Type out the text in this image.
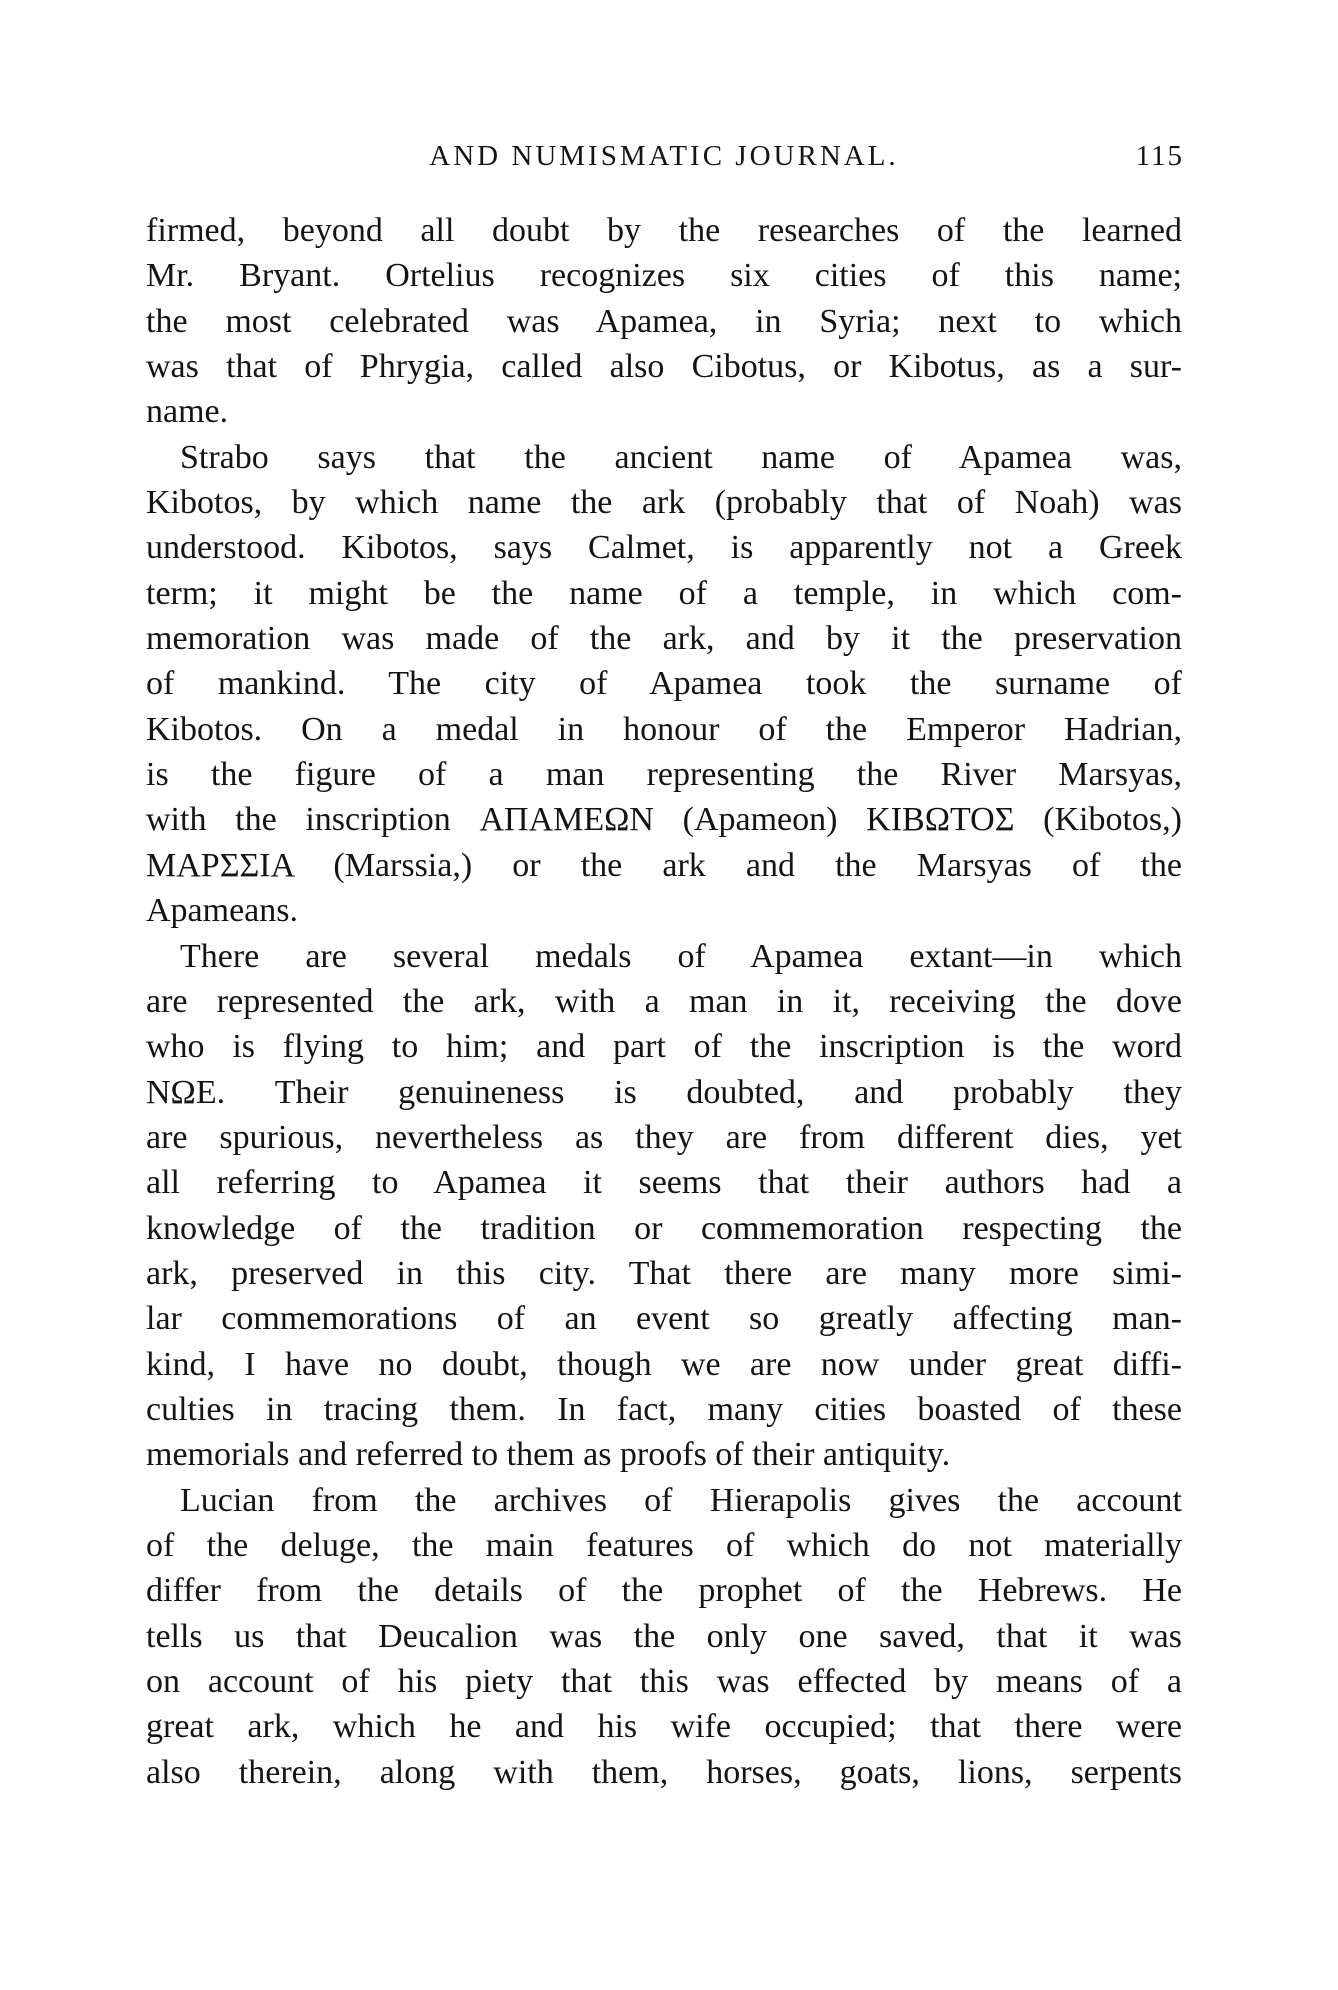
AND NUMISMATIC JOURNAL.	115
firmed, beyond all doubt by the researches of the learned
Mr. Bryant. Ortelius recognizes six cities of this name;
the most celebrated was Apamea, in Syria; next to which
was that of Phrygia, called also Cibotus, or Kibotus, as a sur-
name.
Strabo says that the ancient name of Apamea was,
Kibotos, by which name the ark (probably that of Noah) was
understood. Kibotos, says Calmet, is apparently not a Greek
term; it might be the name of a temple, in which com-
memoration was made of the ark, and by it the preservation
of mankind. The city of Apamea took the surname of
Kibotos. On a medal in honour of the Emperor Hadrian,
is the figure of a man representing the River Marsyas,
with the inscription ΑΠΑΜΕΩΝ (Apameon) ΚΙΒΩΤΟΣ (Kibotos,)
ΜΑΡΣΣΙΑ (Marssia,) or the ark and the Marsyas of the
Apameans.
There are several medals of Apamea extant—in which
are represented the ark, with a man in it, receiving the dove
who is flying to him; and part of the inscription is the word
ΝΩΕ. Their genuineness is doubted, and probably they
are spurious, nevertheless as they are from different dies, yet
all referring to Apamea it seems that their authors had a
knowledge of the tradition or commemoration respecting the
ark, preserved in this city. That there are many more simi-
lar commemorations of an event so greatly affecting man-
kind, I have no doubt, though we are now under great diffi-
culties in tracing them. In fact, many cities boasted of these
memorials and referred to them as proofs of their antiquity.
Lucian from the archives of Hierapolis gives the account
of the deluge, the main features of which do not materially
differ from the details of the prophet of the Hebrews. He
tells us that Deucalion was the only one saved, that it was
on account of his piety that this was effected by means of a
great ark, which he and his wife occupied; that there were
also therein, along with them, horses, goats, lions, serpents
